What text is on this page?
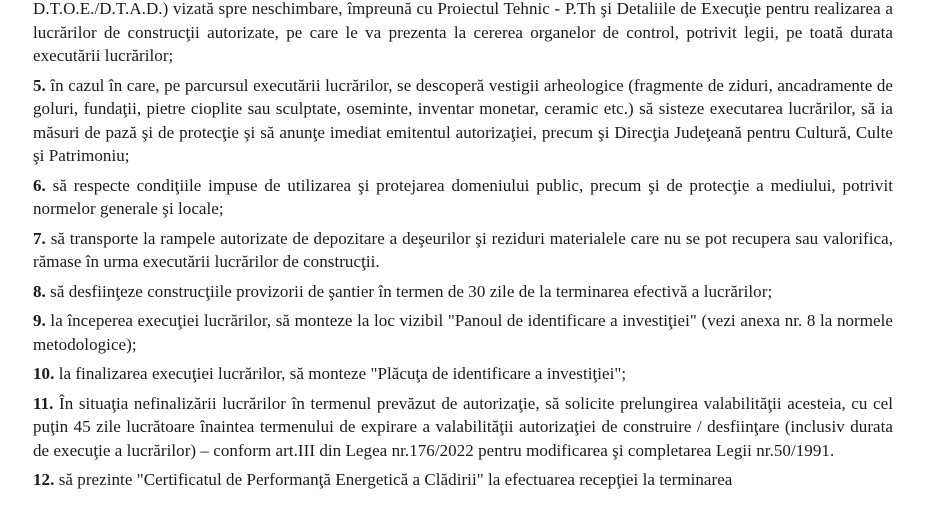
D.T.O.E./D.T.A.D.) vizată spre neschimbare, împreună cu Proiectul Tehnic - P.Th şi Detaliile de Execuţie pentru realizarea a lucrărilor de construcţii autorizate, pe care le va prezenta la cererea organelor de control, potrivit legii, pe toată durata executării lucrărilor;

5. în cazul în care, pe parcursul executării lucrărilor, se descoperă vestigii arheologice (fragmente de ziduri, ancadramente de goluri, fundaţii, pietre cioplite sau sculptate, oseminte, inventar monetar, ceramic etc.) să sisteze executarea lucrărilor, să ia măsuri de pază şi de protecţie şi să anunţe imediat emitentul autorizaţiei, precum şi Direcţia Judeţeană pentru Cultură, Culte şi Patrimoniu;

6. să respecte condiţiile impuse de utilizarea şi protejarea domeniului public, precum şi de protecţie a mediului, potrivit normelor generale şi locale;

7. să transporte la rampele autorizate de depozitare a deşeurilor şi reziduri materialele care nu se pot recupera sau valorifica, rămase în urma executării lucrărilor de construcţii.

8. să desfiinţeze construcţiile provizorii de şantier în termen de 30 zile de la terminarea efectivă a lucrărilor;

9. la începerea execuţiei lucrărilor, să monteze la loc vizibil "Panoul de identificare a investiţiei" (vezi anexa nr. 8 la normele metodologice);

10. la finalizarea execuţiei lucrărilor, să monteze "Plăcuţa de identificare a investiţiei";

11. În situaţia nefinalizării lucrărilor în termenul prevăzut de autorizaţie, să solicite prelungirea valabilităţii acesteia, cu cel puţin 45 zile lucrătoare înaintea termenului de expirare a valabilităţii autorizaţiei de construire / desfiinţare (inclusiv durata de execuţie a lucrărilor) – conform art.III din Legea nr.176/2022 pentru modificarea şi completarea Legii nr.50/1991.

12. să prezinte "Certificatul de Performanţă Energetică a Clădirii" la efectuarea recepţiei la terminarea
